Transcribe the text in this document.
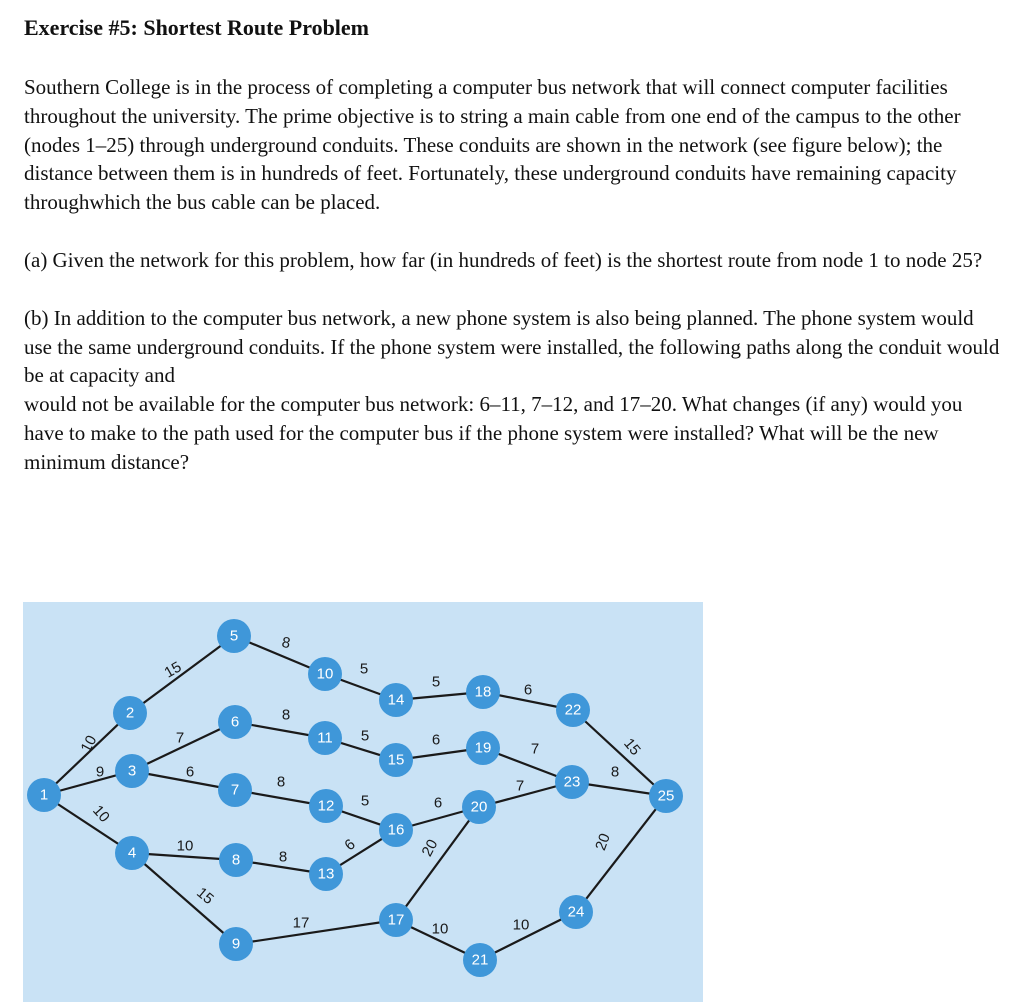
Exercise #5: Shortest Route Problem

Southern College is in the process of completing a computer bus network that will connect computer facilities throughout the university. The prime objective is to string a main cable from one end of the campus to the other (nodes 1–25) through underground conduits. These conduits are shown in the network (see figure below); the distance between them is in hundreds of feet. Fortunately, these underground conduits have remaining capacity throughwhich the bus cable can be placed.

(a) Given the network for this problem, how far (in hundreds of feet) is the shortest route from node 1 to node 25?

(b) In addition to the computer bus network, a new phone system is also being planned. The phone system would use the same underground conduits. If the phone system were installed, the following paths along the conduit would be at capacity and

would not be available for the computer bus network: 6–11, 7–12, and 17–20. What changes (if any) would you have to make to the path used for the computer bus if the phone system were installed? What will be the new minimum distance?

10
9
10
15
7
6
10
15
8
8
8
8
17
5
5
5
6
5
6
6
20
10
6
7
7
10
15
8
20
1
2
3
4
5
6
7
8
9
10
11
12
13
14
15
16
17
18
19
20
21
22
23
24
25
